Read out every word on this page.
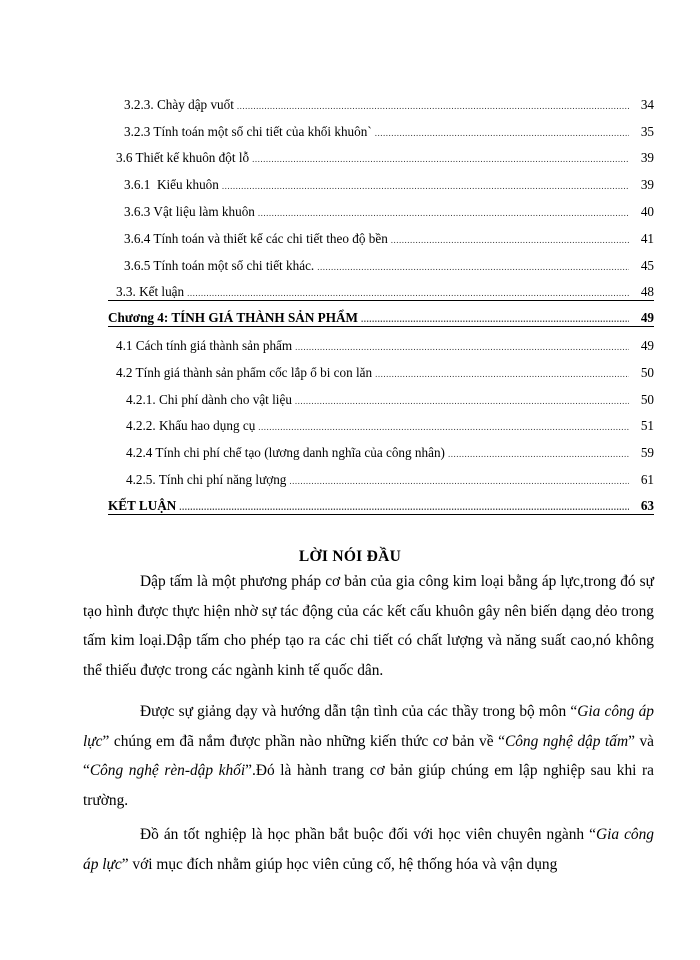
3.2.3. Chày dập vuốt .....	34
3.2.3 Tính toán một số chi tiết của khối khuôn` .....	35
3.6 Thiết kế khuôn đột lỗ .....	39
3.6.1  Kiểu khuôn .....	39
3.6.3 Vật liệu làm khuôn .....	40
3.6.4 Tính toán và thiết kế các chi tiết theo độ bền .....	41
3.6.5 Tính toán một số chi tiết khác. .....	45
3.3. Kết luận .....	48
Chương 4: TÍNH GIÁ THÀNH SẢN PHẨM .....	49
4.1 Cách tính giá thành sản phẩm .....	49
4.2 Tính giá thành sản phẩm cốc lắp ổ bi con lăn .....	50
4.2.1. Chi phí dành cho vật liệu .....	50
4.2.2. Khấu hao dụng cụ .....	51
4.2.4 Tính chi phí chế tạo (lương danh nghĩa của công nhân) .....	59
4.2.5. Tính chi phí năng lượng .....	61
KẾT LUẬN .....	63
LỜI NÓI ĐẦU

Dập tấm là một phương pháp cơ bản của gia công kim loại bằng áp lực,trong đó sự tạo hình được thực hiện nhờ sự tác động của các kết cấu khuôn gây nên biến dạng dẻo trong tấm kim loại.Dập tấm cho phép tạo ra các chi tiết có chất lượng và năng suất cao,nó không thể thiếu được trong các ngành kinh tế quốc dân.

Được sự giảng dạy và hướng dẫn tận tình của các thầy trong bộ môn “Gia công áp lực” chúng em đã nắm được phần nào những kiến thức cơ bản về “Công nghệ dập tấm” và “Công nghệ rèn-dập khối”.Đó là hành trang cơ bản giúp chúng em lập nghiệp sau khi ra trường.

Đồ án tốt nghiệp là học phần bắt buộc đối với học viên chuyên ngành “Gia công áp lực” với mục đích nhằm giúp học viên củng cố, hệ thống hóa và vận dụng
